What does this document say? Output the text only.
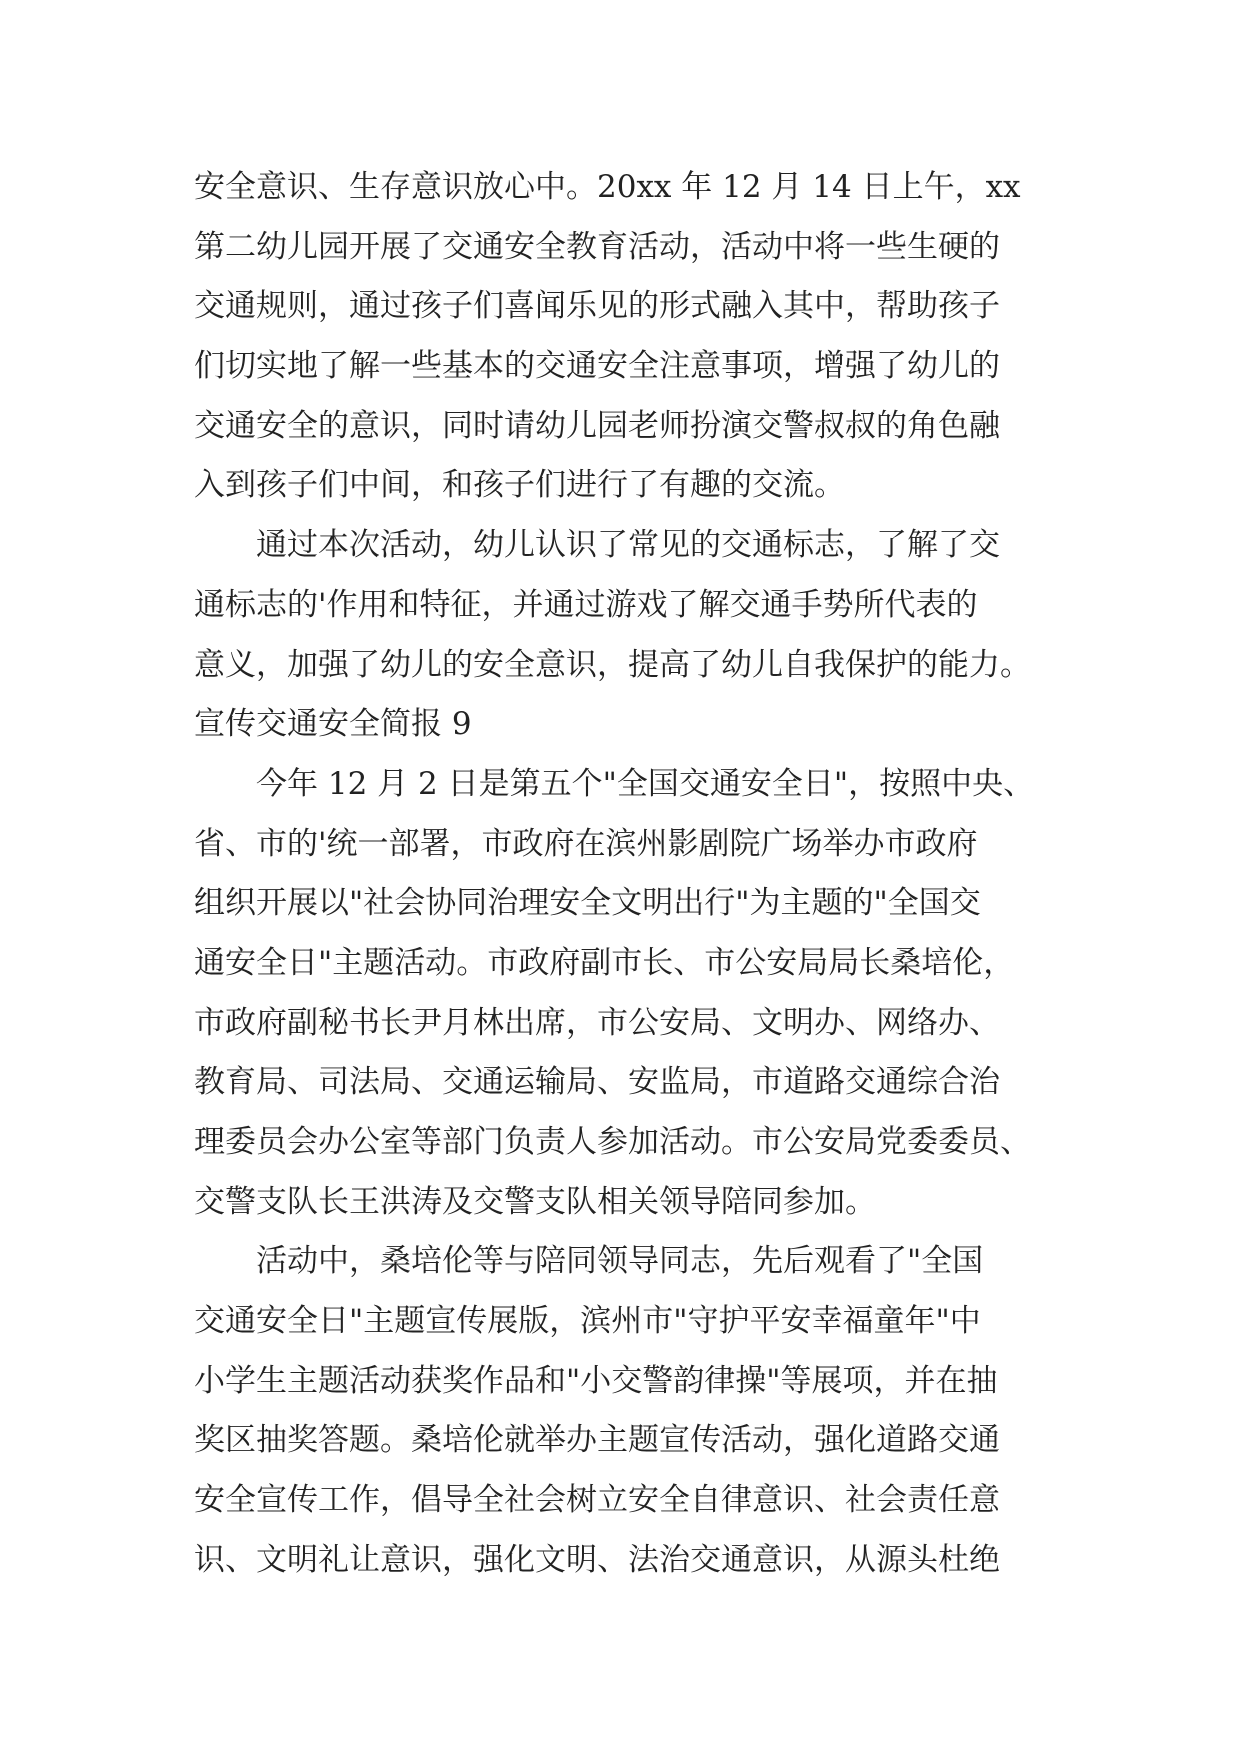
安全意识、生存意识放心中。20xx 年 12 月 14 日上午，xx
第二幼儿园开展了交通安全教育活动，活动中将一些生硬的
交通规则，通过孩子们喜闻乐见的形式融入其中，帮助孩子
们切实地了解一些基本的交通安全注意事项，增强了幼儿的
交通安全的意识，同时请幼儿园老师扮演交警叔叔的角色融
入到孩子们中间，和孩子们进行了有趣的交流。
通过本次活动，幼儿认识了常见的交通标志，了解了交
通标志的'作用和特征，并通过游戏了解交通手势所代表的
意义，加强了幼儿的安全意识，提高了幼儿自我保护的能力。
宣传交通安全简报 9
今年 12 月 2 日是第五个"全国交通安全日"，按照中央、
省、市的'统一部署，市政府在滨州影剧院广场举办市政府
组织开展以"社会协同治理安全文明出行"为主题的"全国交
通安全日"主题活动。市政府副市长、市公安局局长桑培伦，
市政府副秘书长尹月林出席，市公安局、文明办、网络办、
教育局、司法局、交通运输局、安监局，市道路交通综合治
理委员会办公室等部门负责人参加活动。市公安局党委委员、
交警支队长王洪涛及交警支队相关领导陪同参加。
活动中，桑培伦等与陪同领导同志，先后观看了"全国
交通安全日"主题宣传展版，滨州市"守护平安幸福童年"中
小学生主题活动获奖作品和"小交警韵律操"等展项，并在抽
奖区抽奖答题。桑培伦就举办主题宣传活动，强化道路交通
安全宣传工作，倡导全社会树立安全自律意识、社会责任意
识、文明礼让意识，强化文明、法治交通意识，从源头杜绝
